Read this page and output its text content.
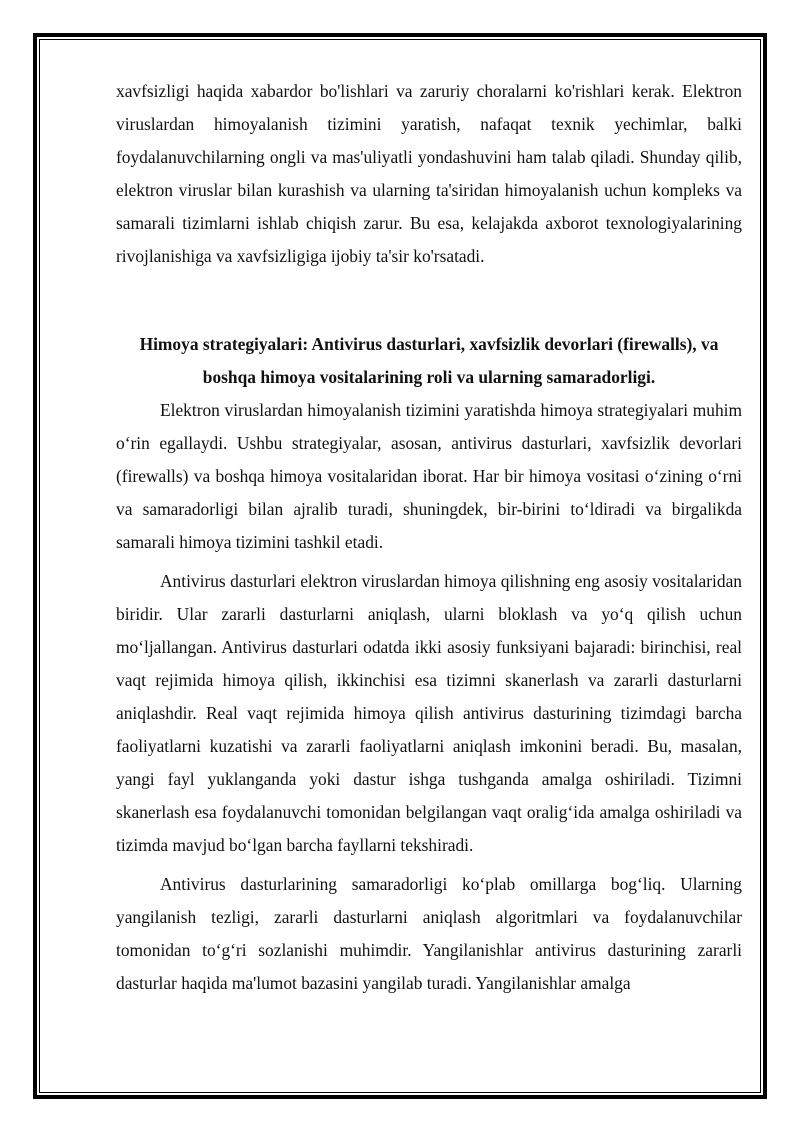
xavfsizligi haqida xabardor bo'lishlari va zaruriy choralarni ko'rishlari kerak. Elektron viruslardan himoyalanish tizimini yaratish, nafaqat texnik yechimlar, balki foydalanuvchilarning ongli va mas'uliyatli yondashuvini ham talab qiladi. Shunday qilib, elektron viruslar bilan kurashish va ularning ta'siridan himoyalanish uchun kompleks va samarali tizimlarni ishlab chiqish zarur. Bu esa, kelajakda axborot texnologiyalarining rivojlanishiga va xavfsizligiga ijobiy ta'sir ko'rsatadi.

Himoya strategiyalari: Antivirus dasturlari, xavfsizlik devorlari (firewalls), va boshqa himoya vositalarining roli va ularning samaradorligi.

Elektron viruslardan himoyalanish tizimini yaratishda himoya strategiyalari muhim o‘rin egallaydi. Ushbu strategiyalar, asosan, antivirus dasturlari, xavfsizlik devorlari (firewalls) va boshqa himoya vositalaridan iborat. Har bir himoya vositasi o‘zining o‘rni va samaradorligi bilan ajralib turadi, shuningdek, bir-birini to‘ldiradi va birgalikda samarali himoya tizimini tashkil etadi.

Antivirus dasturlari elektron viruslardan himoya qilishning eng asosiy vositalaridan biridir. Ular zararli dasturlarni aniqlash, ularni bloklash va yo‘q qilish uchun mo‘ljallangan. Antivirus dasturlari odatda ikki asosiy funksiyani bajaradi: birinchisi, real vaqt rejimida himoya qilish, ikkinchisi esa tizimni skanerlash va zararli dasturlarni aniqlashdir. Real vaqt rejimida himoya qilish antivirus dasturining tizimdagi barcha faoliyatlarni kuzatishi va zararli faoliyatlarni aniqlash imkonini beradi. Bu, masalan, yangi fayl yuklanganda yoki dastur ishga tushganda amalga oshiriladi. Tizimni skanerlash esa foydalanuvchi tomonidan belgilangan vaqt oralig‘ida amalga oshiriladi va tizimda mavjud bo‘lgan barcha fayllarni tekshiradi.

Antivirus dasturlarining samaradorligi ko‘plab omillarga bog‘liq. Ularning yangilanish tezligi, zararli dasturlarni aniqlash algoritmlari va foydalanuvchilar tomonidan to‘g‘ri sozlanishi muhimdir. Yangilanishlar antivirus dasturining zararli dasturlar haqida ma'lumot bazasini yangilab turadi. Yangilanishlar amalga
